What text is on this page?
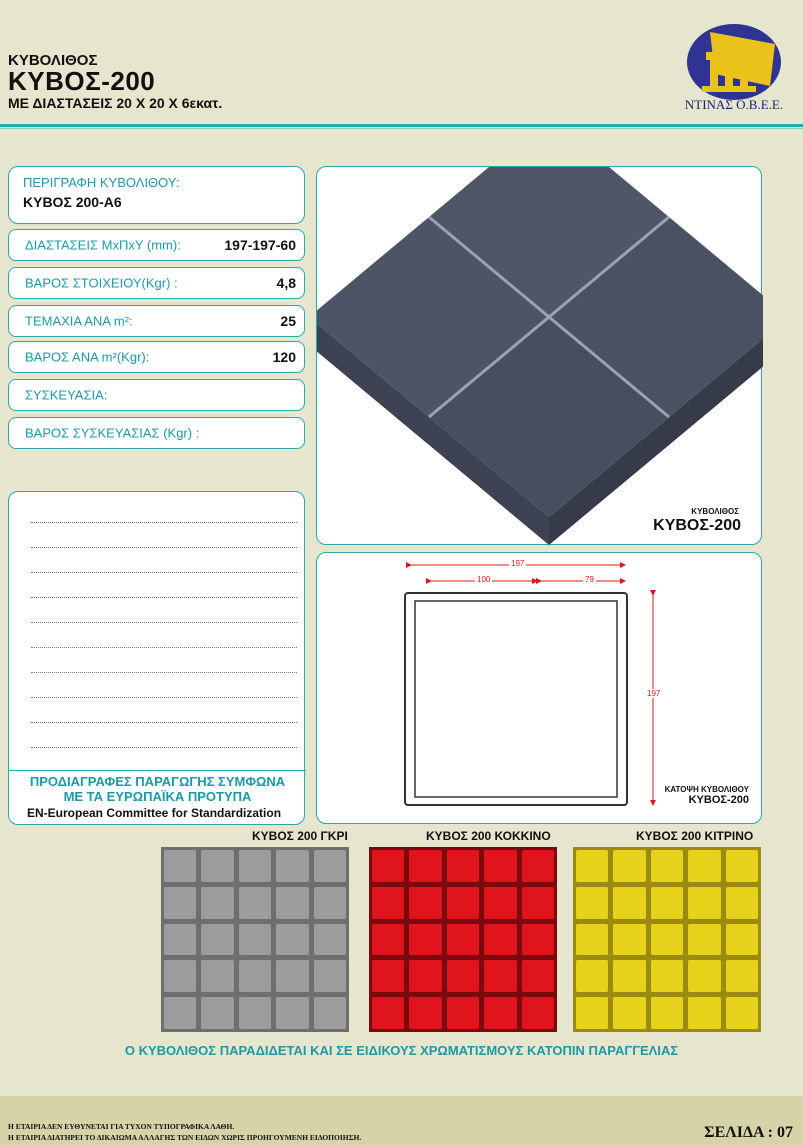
ΚΥΒΟΛΙΘΟΣ
ΚΥΒΟΣ-200
ΜΕ ΔΙΑΣΤΑΣΕΙΣ 20 Χ 20 Χ 6εκατ.	ΝΤΙΝΑΣ Ο.Β.Ε.Ε.
ΠΕΡΙΓΡΑΦΗ ΚΥΒΟΛΙΘΟΥ:
ΚΥΒΟΣ 200-Α6
ΔΙΑΣΤΑΣΕΙΣ ΜxΠxΥ (mm):	197-197-60
ΒΑΡΟΣ ΣΤΟΙΧΕΙΟΥ(Kgr) :	4,8
ΤΕΜΑΧΙΑ ΑΝΑ m²:	25
ΒΑΡΟΣ ΑΝΑ m²(Kgr):	120
ΣΥΣΚΕΥΑΣΙΑ:
ΒΑΡΟΣ ΣΥΣΚΕΥΑΣΙΑΣ (Kgr) :
ΠΡΟΔΙΑΓΡΑΦΕΣ ΠΑΡΑΓΩΓΗΣ ΣΥΜΦΩΝΑ
ΜΕ ΤΑ ΕΥΡΩΠΑΪΚΑ ΠΡΟΤΥΠΑ
EN-European Committee for Standardization
ΚΥΒΟΛΙΘΟΣ
ΚΥΒΟΣ-200
197
100	79
197
ΚΑΤΟΨΗ ΚΥΒΟΛΙΘΟΥ
ΚΥΒΟΣ-200
ΚΥΒΟΣ 200 ΓΚΡΙ	ΚΥΒΟΣ 200 ΚΟΚΚΙΝΟ	ΚΥΒΟΣ 200 ΚΙΤΡΙΝΟ
Ο ΚΥΒΟΛΙΘΟΣ ΠΑΡΑΔΙΔΕΤΑΙ ΚΑΙ ΣΕ ΕΙΔΙΚΟΥΣ ΧΡΩΜΑΤΙΣΜΟΥΣ ΚΑΤΟΠΙΝ ΠΑΡΑΓΓΕΛΙΑΣ
Η ΕΤΑΙΡΙΑ ΔΕΝ ΕΥΘΥΝΕΤΑΙ ΓΙΑ ΤΥΧΟΝ ΤΥΠΟΓΡΑΦΙΚΑ ΛΑΘΗ.
Η ΕΤΑΙΡΙΑ ΔΙΑΤΗΡΕΙ ΤΟ ΔΙΚΑΙΩΜΑ ΑΛΛΑΓΗΣ ΤΩΝ ΕΙΔΩΝ ΧΩΡΙΣ ΠΡΟΗΓΟΥΜΕΝΗ ΕΙΔΟΠΟΙΗΣΗ.	ΣΕΛΙΔΑ : 07
